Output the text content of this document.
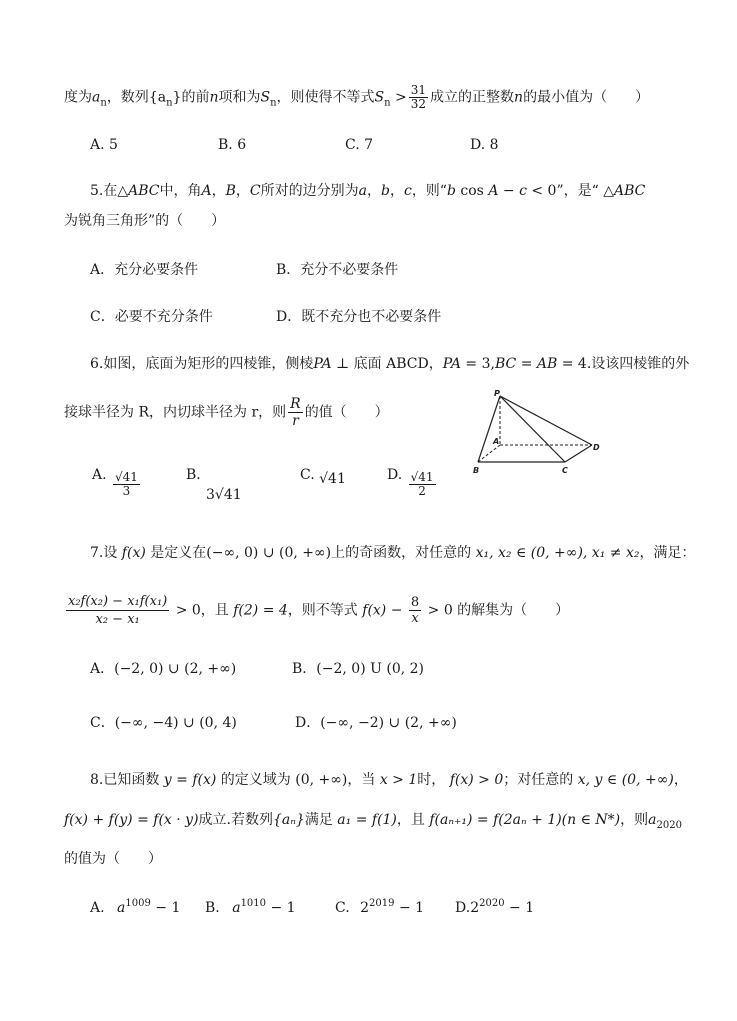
度为$a_n$，数列$\{a_n\}$的前n项和为$S_n$，则使得不等式$S_n > \frac{31}{32}$ 成立的正整数n的最小值为（　　）
A. 5	B. 6	C. 7	D. 8
5.在△ABC中，角A，B，C所对的边分别为a，b，c，则“b cos A − c < 0”，是“ △ABC
为锐角三角形”的（　　）
A．充分必要条件	B．充分不必要条件
C．必要不充分条件	D．既不充分也不必要条件
6.如图，底面为矩形的四棱锥，侧棱PA ⊥ 底面 ABCD，PA = 3,BC = AB = 4.设该四棱锥的外
接球半径为 R，内切球半径为 r，则 $\frac{R}{r}$ 的值（　　）
A. $\frac{√41}{3}$	B.
3√41
C. √41	D. $\frac{√41}{2}$
P
A
B	C
D
7.设 f(x) 是定义在(−∞, 0) ∪ (0, +∞)上的奇函数，对任意的 x₁, x₂ ∈ (0, +∞), x₁ ≠ x₂，满足：
$\frac{\text{x₂f(x₂) − x₁f(x₁)}}{\text{x₂ − x₁}} > 0$，且 f(2) = 4，则不等式 $f(x) - \frac{8}{x} > 0$ 的解集为（　　）
A．(−2, 0) ∪ (2, +∞)	B．(−2, 0) U (0, 2)
C．(−∞, −4) ∪ (0, 4)	D．(−∞, −2) ∪ (2, +∞)
8.已知函数 y = f(x) 的定义域为 (0, +∞)，当 x > 1时， f(x) > 0；对任意的 x, y ∈ (0, +∞)，
f(x) + f(y) = f(x · y)成立.若数列{aₙ}满足 a₁ = f(1)，且 f(aₙ₊₁) = f(2aₙ + 1)(n ∈ N*)，则$a_{2020}$
的值为（　　）
A. $a^{1009} - 1$ B. $a^{1010} - 1$	C. $2^{2019} - 1$ $D.2^{2020} - 1$
